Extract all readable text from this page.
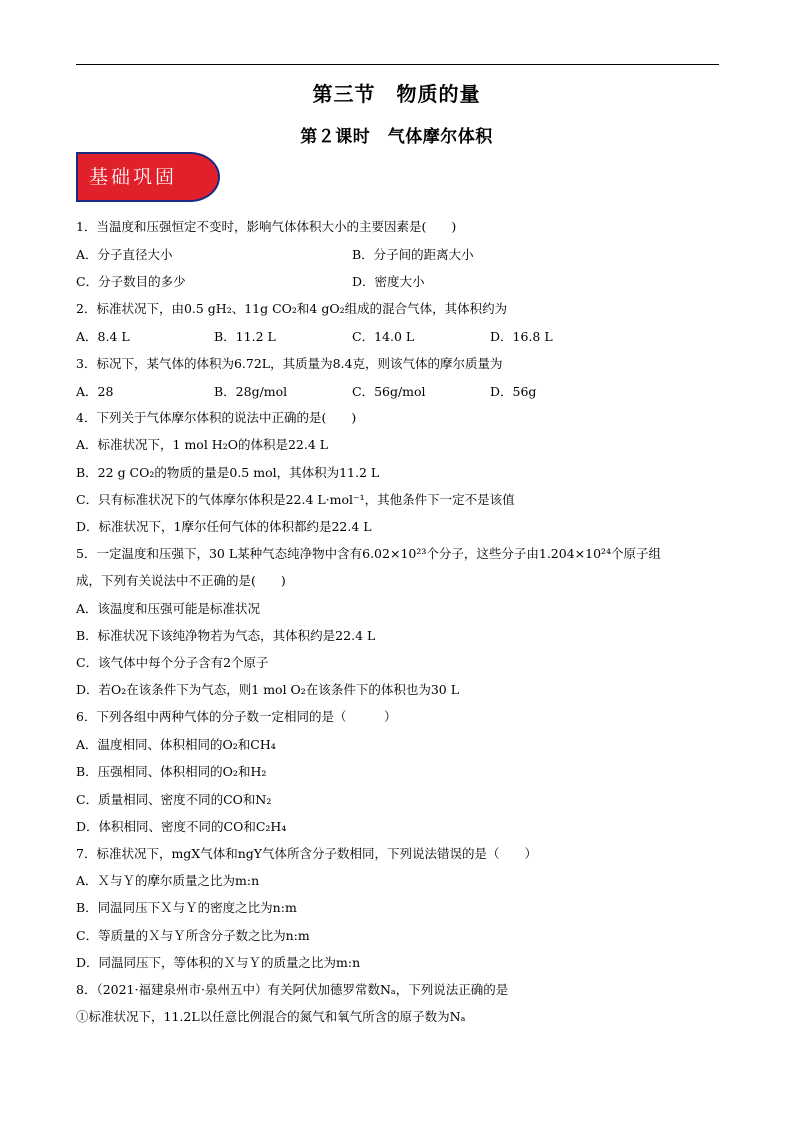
第三节　物质的量
第２课时　气体摩尔体积
基础巩固
1．当温度和压强恒定不变时，影响气体体积大小的主要因素是(　　)
A．分子直径大小	B．分子间的距离大小
C．分子数目的多少	D．密度大小
2．标准状况下，由0.5 gH₂、11g CO₂和4 gO₂组成的混合气体，其体积约为
A．8.4 L	B．11.2 L	C．14.0 L	D．16.8 L
3．标况下，某气体的体积为6.72L，其质量为8.4克，则该气体的摩尔质量为
A．28	B．28g/mol	C．56g/mol	D．56g
4．下列关于气体摩尔体积的说法中正确的是(　　)
A．标准状况下，1 mol H₂O的体积是22.4 L
B．22 g CO₂的物质的量是0.5 mol，其体积为11.2 L
C．只有标准状况下的气体摩尔体积是22.4 L·mol⁻¹，其他条件下一定不是该值
D．标准状况下，1摩尔任何气体的体积都约是22.4 L
5．一定温度和压强下，30 L某种气态纯净物中含有6.02×10²³个分子，这些分子由1.204×10²⁴个原子组
成，下列有关说法中不正确的是(　　)
A．该温度和压强可能是标准状况
B．标准状况下该纯净物若为气态，其体积约是22.4 L
C．该气体中每个分子含有2个原子
D．若O₂在该条件下为气态，则1 mol O₂在该条件下的体积也为30 L
6．下列各组中两种气体的分子数一定相同的是（　　　）
A．温度相同、体积相同的O₂和CH₄
B．压强相同、体积相同的O₂和H₂
C．质量相同、密度不同的CO和N₂
D．体积相同、密度不同的CO和C₂H₄
7．标准状况下，mgX气体和ngY气体所含分子数相同，下列说法错误的是（　　）
A．Ｘ与Ｙ的摩尔质量之比为m:n
B．同温同压下Ｘ与Ｙ的密度之比为n:m
C．等质量的Ｘ与Ｙ所含分子数之比为n:m
D．同温同压下，等体积的Ｘ与Ｙ的质量之比为m:n
8．（2021·福建泉州市·泉州五中）有关阿伏加德罗常数Nₐ，下列说法正确的是
①标准状况下，11.2L以任意比例混合的氮气和氧气所含的原子数为Nₐ
